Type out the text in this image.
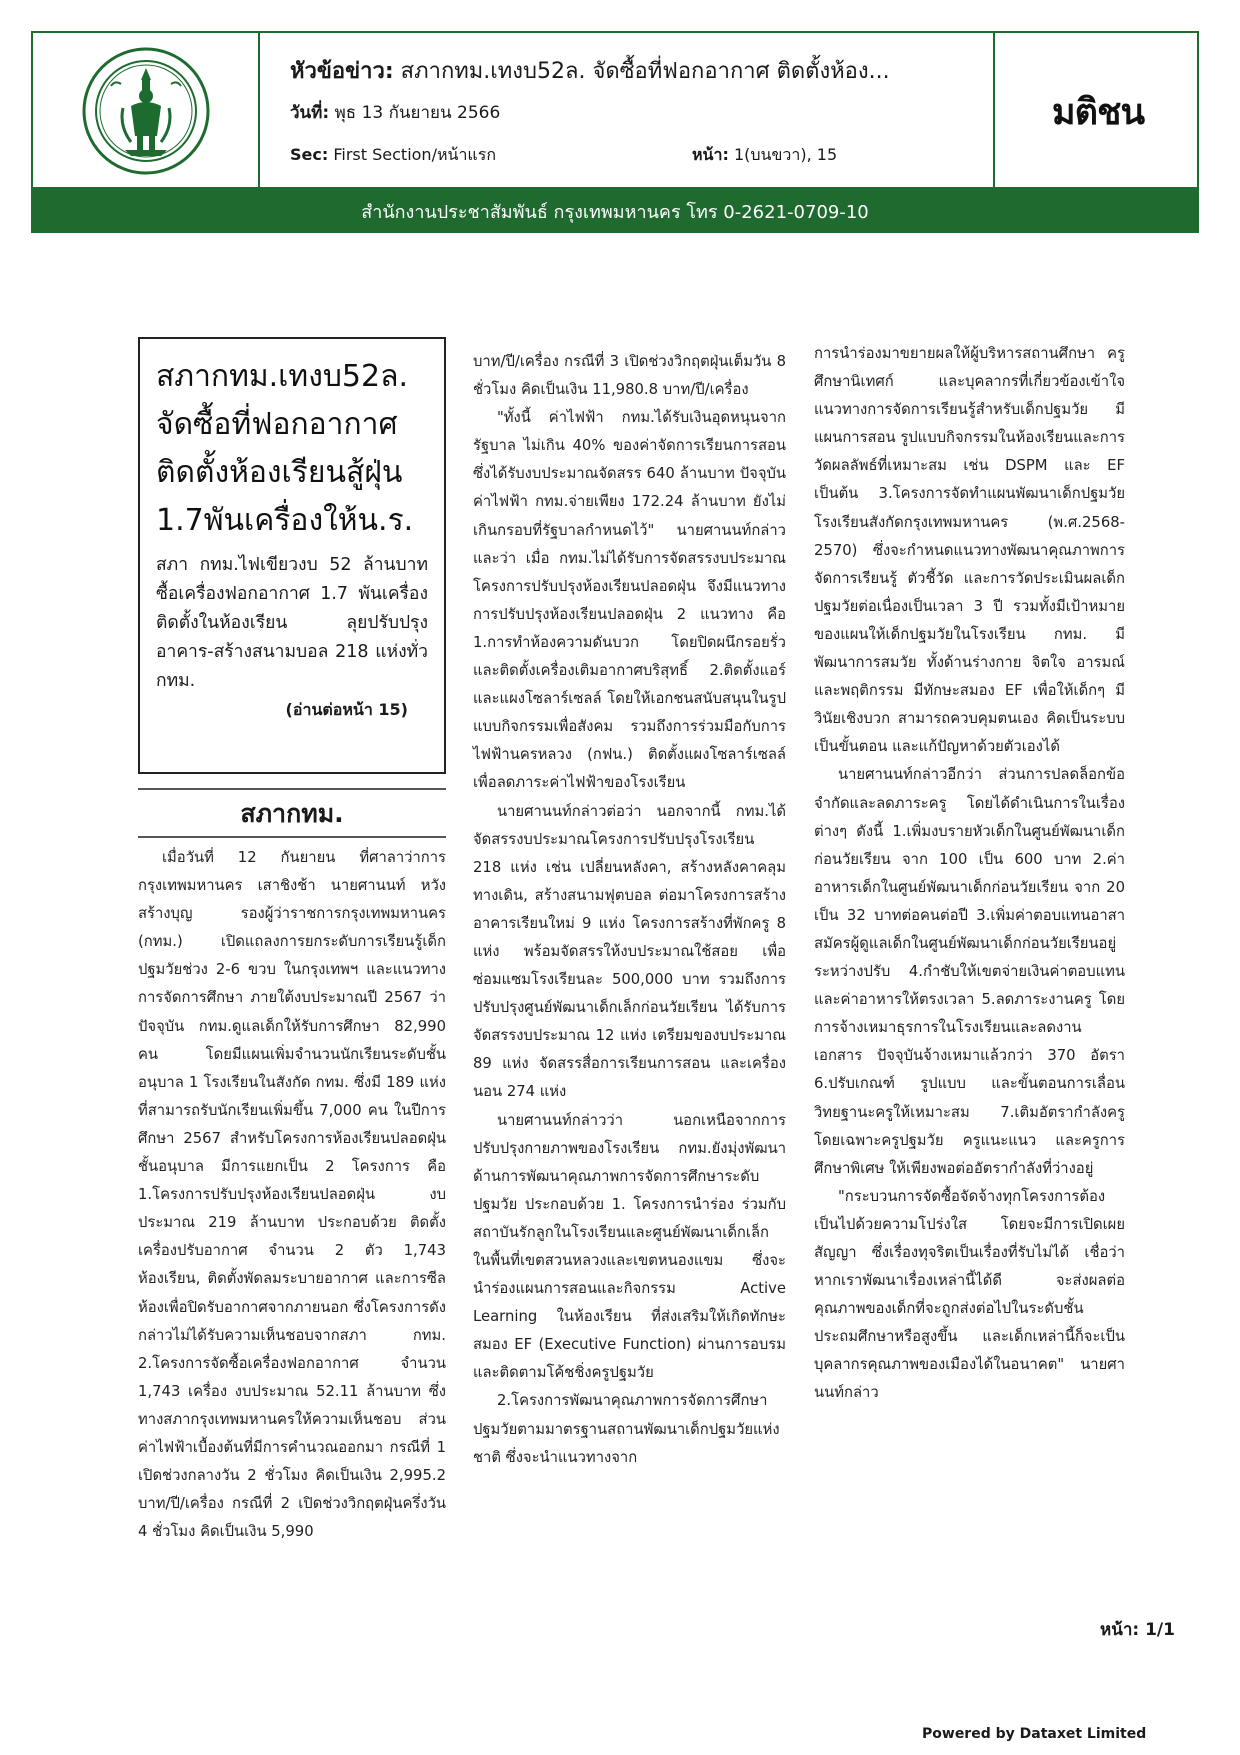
หัวข้อข่าว: สภากทม.เทงบ52ล. จัดซื้อที่ฟอกอากาศ ติดตั้งห้อง...
วันที่: พุธ 13 กันยายน 2566
Sec: First Section/หน้าแรก	หน้า: 1(บนขวา), 15
มติชน
สำนักงานประชาสัมพันธ์ กรุงเทพมหานคร โทร 0-2621-0709-10
สภากทม.เทงบ52ล. จัดซื้อที่ฟอกอากาศ ติดตั้งห้องเรียนสู้ฝุ่น 1.7พันเครื่องให้น.ร.
สภา กทม.ไฟเขียวงบ 52 ล้านบาท ซื้อเครื่องฟอกอากาศ 1.7 พันเครื่อง ติดตั้งในห้องเรียน ลุยปรับปรุงอาคาร-สร้างสนามบอล 218 แห่งทั่ว กทม.
(อ่านต่อหน้า 15)
สภากทม.

เมื่อวันที่ 12 กันยายน ที่ศาลาว่าการกรุงเทพมหานคร เสาชิงช้า นายศานนท์ หวังสร้างบุญ รองผู้ว่าราชการกรุงเทพมหานคร (กทม.) เปิดแถลงการยกระดับการเรียนรู้เด็กปฐมวัยช่วง 2-6 ขวบ ในกรุงเทพฯ และแนวทางการจัดการศึกษา ภายใต้งบประมาณปี 2567 ว่าปัจจุบัน กทม.ดูแลเด็กให้รับการศึกษา 82,990 คน โดยมีแผนเพิ่มจำนวนนักเรียนระดับชั้นอนุบาล 1 โรงเรียนในสังกัด กทม. ซึ่งมี 189 แห่ง ที่สามารถรับนักเรียนเพิ่มขึ้น 7,000 คน ในปีการศึกษา 2567 สำหรับโครงการห้องเรียนปลอดฝุ่นชั้นอนุบาล มีการแยกเป็น 2 โครงการ คือ 1.โครงการปรับปรุงห้องเรียนปลอดฝุ่น งบประมาณ 219 ล้านบาท ประกอบด้วย ติดตั้งเครื่องปรับอากาศ จำนวน 2 ตัว 1,743 ห้องเรียน, ติดตั้งพัดลมระบายอากาศ และการซีลห้องเพื่อปิดรับอากาศจากภายนอก ซึ่งโครงการดังกล่าวไม่ได้รับความเห็นชอบจากสภา กทม. 2.โครงการจัดซื้อเครื่องฟอกอากาศ จำนวน 1,743 เครื่อง งบประมาณ 52.11 ล้านบาท ซึ่งทางสภากรุงเทพมหานครให้ความเห็นชอบ ส่วนค่าไฟฟ้าเบื้องต้นที่มีการคำนวณออกมา กรณีที่ 1 เปิดช่วงกลางวัน 2 ชั่วโมง คิดเป็นเงิน 2,995.2 บาท/ปี/เครื่อง กรณีที่ 2 เปิดช่วงวิกฤตฝุ่นครึ่งวัน 4 ชั่วโมง คิดเป็นเงิน 5,990

บาท/ปี/เครื่อง กรณีที่ 3 เปิดช่วงวิกฤตฝุ่นเต็มวัน 8 ชั่วโมง คิดเป็นเงิน 11,980.8 บาท/ปี/เครื่อง

"ทั้งนี้ ค่าไฟฟ้า กทม.ได้รับเงินอุดหนุนจากรัฐบาล ไม่เกิน 40% ของค่าจัดการเรียนการสอน ซึ่งได้รับงบประมาณจัดสรร 640 ล้านบาท ปัจจุบันค่าไฟฟ้า กทม.จ่ายเพียง 172.24 ล้านบาท ยังไม่เกินกรอบที่รัฐบาลกำหนดไว้" นายศานนท์กล่าว และว่า เมื่อ กทม.ไม่ได้รับการจัดสรรงบประมาณโครงการปรับปรุงห้องเรียนปลอดฝุ่น จึงมีแนวทางการปรับปรุงห้องเรียนปลอดฝุ่น 2 แนวทาง คือ 1.การทำห้องความดันบวก โดยปิดผนึกรอยรั่ว และติดตั้งเครื่องเติมอากาศบริสุทธิ์ 2.ติดตั้งแอร์และแผงโซลาร์เซลล์ โดยให้เอกชนสนับสนุนในรูปแบบกิจกรรมเพื่อสังคม รวมถึงการร่วมมือกับการไฟฟ้านครหลวง (กฟน.) ติดตั้งแผงโซลาร์เซลล์ เพื่อลดภาระค่าไฟฟ้าของโรงเรียน

นายศานนท์กล่าวต่อว่า นอกจากนี้ กทม.ได้จัดสรรงบประมาณโครงการปรับปรุงโรงเรียน 218 แห่ง เช่น เปลี่ยนหลังคา, สร้างหลังคาคลุมทางเดิน, สร้างสนามฟุตบอล ต่อมาโครงการสร้างอาคารเรียนใหม่ 9 แห่ง โครงการสร้างที่พักครู 8 แห่ง พร้อมจัดสรรให้งบประมาณใช้สอย เพื่อซ่อมแซมโรงเรียนละ 500,000 บาท รวมถึงการปรับปรุงศูนย์พัฒนาเด็กเล็กก่อนวัยเรียน ได้รับการจัดสรรงบประมาณ 12 แห่ง เตรียมของบประมาณ 89 แห่ง จัดสรรสื่อการเรียนการสอน และเครื่องนอน 274 แห่ง

นายศานนท์กล่าวว่า นอกเหนือจากการปรับปรุงกายภาพของโรงเรียน กทม.ยังมุ่งพัฒนาด้านการพัฒนาคุณภาพการจัดการศึกษาระดับปฐมวัย ประกอบด้วย 1. โครงการนำร่อง ร่วมกับสถาบันรักลูกในโรงเรียนและศูนย์พัฒนาเด็กเล็กในพื้นที่เขตสวนหลวงและเขตหนองแขม ซึ่งจะนำร่องแผนการสอนและกิจกรรม Active Learning ในห้องเรียน ที่ส่งเสริมให้เกิดทักษะสมอง EF (Executive Function) ผ่านการอบรมและติดตามโค้ชชิ่งครูปฐมวัย

2.โครงการพัฒนาคุณภาพการจัดการศึกษาปฐมวัยตามมาตรฐานสถานพัฒนาเด็กปฐมวัยแห่งชาติ ซึ่งจะนำแนวทางจาก

การนำร่องมาขยายผลให้ผู้บริหารสถานศึกษา ครู ศึกษานิเทศก์ และบุคลากรที่เกี่ยวข้องเข้าใจแนวทางการจัดการเรียนรู้สำหรับเด็กปฐมวัย มีแผนการสอน รูปแบบกิจกรรมในห้องเรียนและการวัดผลลัพธ์ที่เหมาะสม เช่น DSPM และ EF เป็นต้น 3.โครงการจัดทำแผนพัฒนาเด็กปฐมวัยโรงเรียนสังกัดกรุงเทพมหานคร (พ.ศ.2568-2570) ซึ่งจะกำหนดแนวทางพัฒนาคุณภาพการจัดการเรียนรู้ ตัวชี้วัด และการวัดประเมินผลเด็กปฐมวัยต่อเนื่องเป็นเวลา 3 ปี รวมทั้งมีเป้าหมายของแผนให้เด็กปฐมวัยในโรงเรียน กทม. มีพัฒนาการสมวัย ทั้งด้านร่างกาย จิตใจ อารมณ์ และพฤติกรรม มีทักษะสมอง EF เพื่อให้เด็กๆ มีวินัยเชิงบวก สามารถควบคุมตนเอง คิดเป็นระบบ เป็นขั้นตอน และแก้ปัญหาด้วยตัวเองได้

นายศานนท์กล่าวอีกว่า ส่วนการปลดล็อกข้อจำกัดและลดภาระครู โดยได้ดำเนินการในเรื่องต่างๆ ดังนี้ 1.เพิ่มงบรายหัวเด็กในศูนย์พัฒนาเด็กก่อนวัยเรียน จาก 100 เป็น 600 บาท 2.ค่าอาหารเด็กในศูนย์พัฒนาเด็กก่อนวัยเรียน จาก 20 เป็น 32 บาทต่อคนต่อปี 3.เพิ่มค่าตอบแทนอาสาสมัครผู้ดูแลเด็กในศูนย์พัฒนาเด็กก่อนวัยเรียนอยู่ระหว่างปรับ 4.กำชับให้เขตจ่ายเงินค่าตอบแทนและค่าอาหารให้ตรงเวลา 5.ลดภาระงานครู โดยการจ้างเหมาธุรการในโรงเรียนและลดงานเอกสาร ปัจจุบันจ้างเหมาแล้วกว่า 370 อัตรา 6.ปรับเกณฑ์ รูปแบบ และขั้นตอนการเลื่อนวิทยฐานะครูให้เหมาะสม 7.เติมอัตรากำลังครู โดยเฉพาะครูปฐมวัย ครูแนะแนว และครูการศึกษาพิเศษ ให้เพียงพอต่ออัตรากำลังที่ว่างอยู่

"กระบวนการจัดซื้อจัดจ้างทุกโครงการต้องเป็นไปด้วยความโปร่งใส โดยจะมีการเปิดเผยสัญญา ซึ่งเรื่องทุจริตเป็นเรื่องที่รับไม่ได้ เชื่อว่าหากเราพัฒนาเรื่องเหล่านี้ได้ดี จะส่งผลต่อคุณภาพของเด็กที่จะถูกส่งต่อไปในระดับชั้นประถมศึกษาหรือสูงขึ้น และเด็กเหล่านี้ก็จะเป็นบุคลากรคุณภาพของเมืองได้ในอนาคต" นายศานนท์กล่าว

หน้า: 1/1
Powered by Dataxet Limited
